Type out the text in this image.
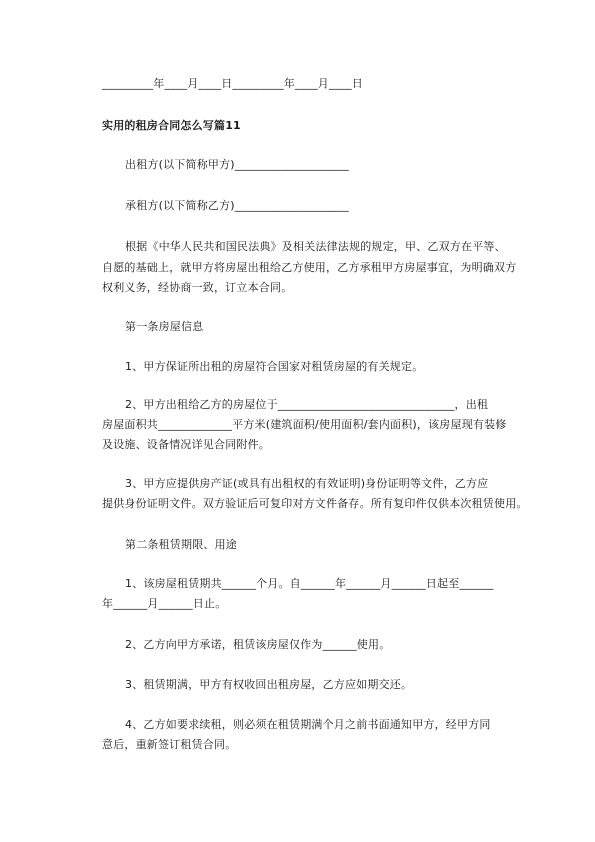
_________年____月____日_________年____月____日
实用的租房合同怎么写篇11
出租方(以下简称甲方)____________________
承租方(以下简称乙方)____________________
根据《中华人民共和国民法典》及相关法律法规的规定，甲、乙双方在平等、
自愿的基础上，就甲方将房屋出租给乙方使用，乙方承租甲方房屋事宜，为明确双方
权利义务，经协商一致，订立本合同。
第一条房屋信息
1、甲方保证所出租的房屋符合国家对租赁房屋的有关规定。
2、甲方出租给乙方的房屋位于_______________________________，出租
房屋面积共_____________平方米(建筑面积/使用面积/套内面积)，该房屋现有装修
及设施、设备情况详见合同附件。
3、甲方应提供房产证(或具有出租权的有效证明)身份证明等文件，乙方应
提供身份证明文件。双方验证后可复印对方文件备存。所有复印件仅供本次租赁使用。
第二条租赁期限、用途
1、该房屋租赁期共______个月。自______年______月______日起至______
年______月______日止。
2、乙方向甲方承诺，租赁该房屋仅作为______使用。
3、租赁期满，甲方有权收回出租房屋，乙方应如期交还。
4、乙方如要求续租，则必须在租赁期满个月之前书面通知甲方，经甲方同
意后，重新签订租赁合同。
